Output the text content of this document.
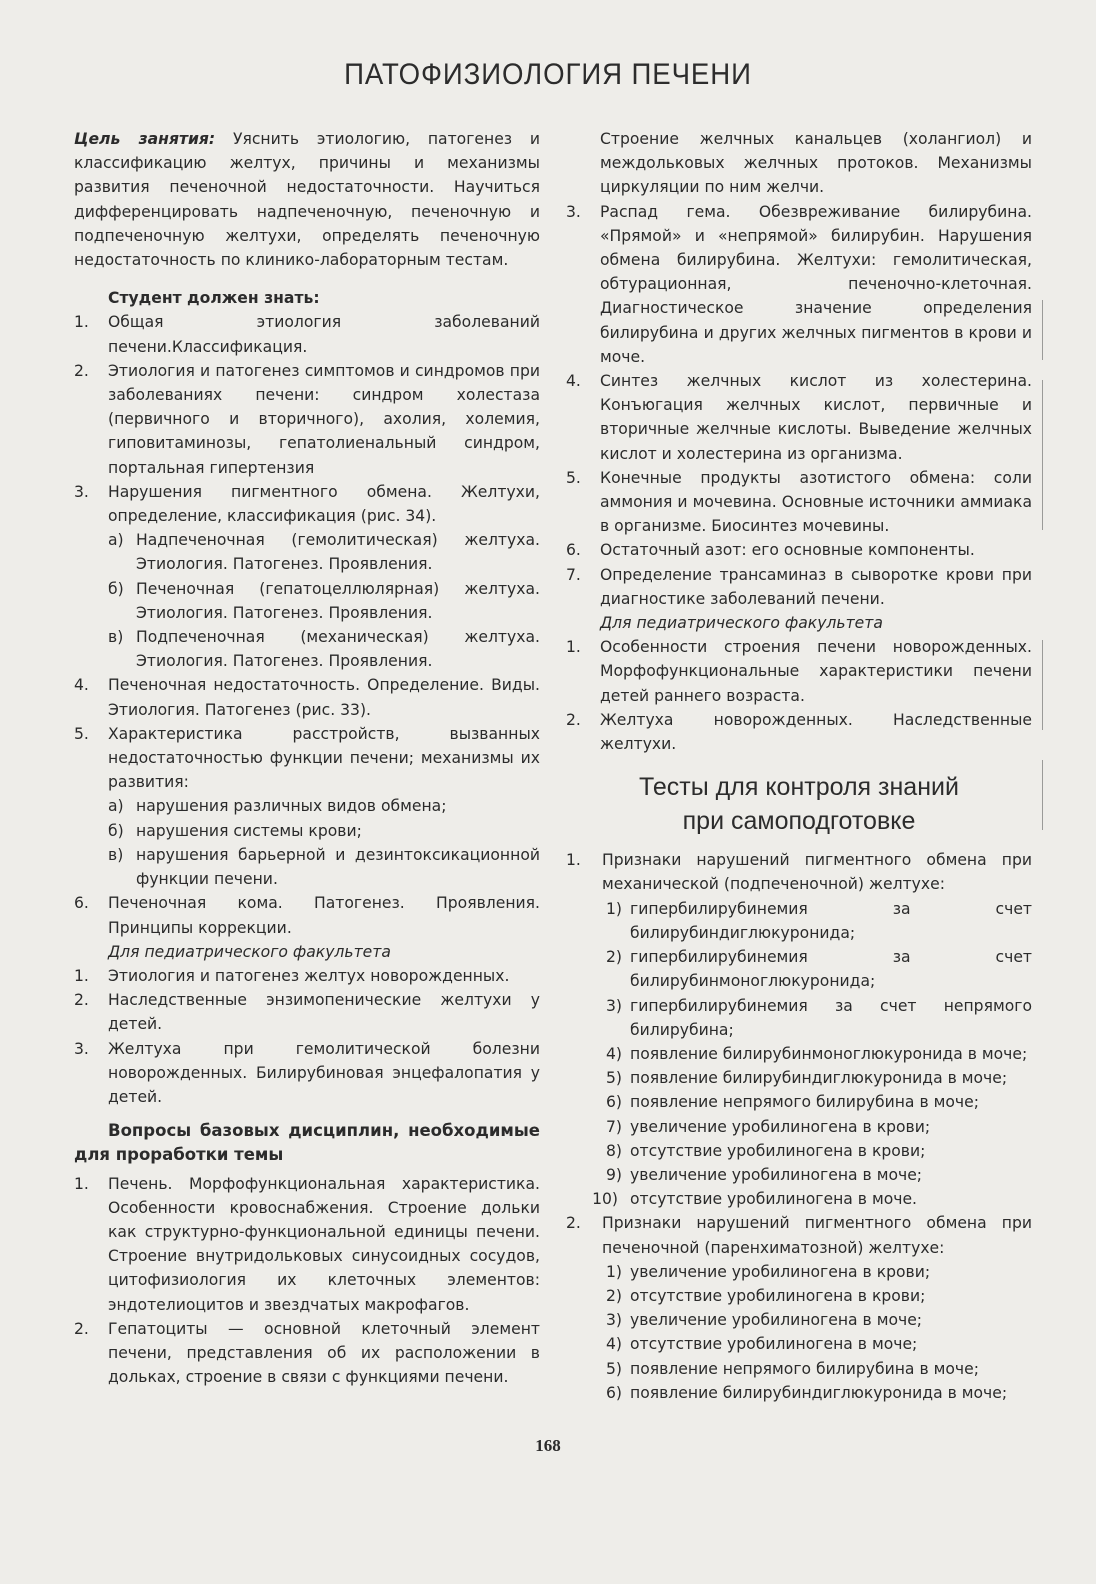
ПАТОФИЗИОЛОГИЯ ПЕЧЕНИ

Цель занятия: Уяснить этиологию, патогенез и классификацию желтух, причины и механизмы развития печеночной недостаточности. Научиться дифференцировать надпеченочную, печеночную и подпеченочную желтухи, определять печеночную недостаточность по клинико-лабораторным тестам.

Студент должен знать:
1. Общая этиология заболеваний печени.Классификация.
2. Этиология и патогенез симптомов и синдромов при заболеваниях печени: синдром холестаза (первичного и вторичного), ахолия, холемия, гиповитаминозы, гепатолиенальный синдром, портальная гипертензия
3. Нарушения пигментного обмена. Желтухи, определение, классификация (рис. 34).
а) Надпеченочная (гемолитическая) желтуха. Этиология. Патогенез. Проявления.
б) Печеночная (гепатоцеллюлярная) желтуха. Этиология. Патогенез. Проявления.
в) Подпеченочная (механическая) желтуха. Этиология. Патогенез. Проявления.
4. Печеночная недостаточность. Определение. Виды. Этиология. Патогенез (рис. 33).
5. Характеристика расстройств, вызванных недостаточностью функции печени; механизмы их развития:
а) нарушения различных видов обмена;
б) нарушения системы крови;
в) нарушения барьерной и дезинтоксикационной функции печени.
6. Печеночная кома. Патогенез. Проявления. Принципы коррекции.
Для педиатрического факультета
1. Этиология и патогенез желтух новорожденных.
2. Наследственные энзимопенические желтухи у детей.
3. Желтуха при гемолитической болезни новорожденных. Билирубиновая энцефалопатия у детей.
Вопросы базовых дисциплин, необходимые для проработки темы
1. Печень. Морфофункциональная характеристика. Особенности кровоснабжения. Строение дольки как структурно-функциональной единицы печени. Строение внутридольковых синусоидных сосудов, цитофизиология их клеточных элементов: эндотелиоцитов и звездчатых макрофагов.
2. Гепатоциты — основной клеточный элемент печени, представления об их расположении в дольках, строение в связи с функциями печени.
Строение желчных канальцев (холангиол) и междольковых желчных протоков. Механизмы циркуляции по ним желчи.
3. Распад гема. Обезвреживание билирубина. «Прямой» и «непрямой» билирубин. Нарушения обмена билирубина. Желтухи: гемолитическая, обтурационная, печеночно-клеточная. Диагностическое значение определения билирубина и других желчных пигментов в крови и моче.
4. Синтез желчных кислот из холестерина. Конъюгация желчных кислот, первичные и вторичные желчные кислоты. Выведение желчных кислот и холестерина из организма.
5. Конечные продукты азотистого обмена: соли аммония и мочевина. Основные источники аммиака в организме. Биосинтез мочевины.
6. Остаточный азот: его основные компоненты.
7. Определение трансаминаз в сыворотке крови при диагностике заболеваний печени.
Для педиатрического факультета
1. Особенности строения печени новорожденных. Морфофункциональные характеристики печени детей раннего возраста.
2. Желтуха новорожденных. Наследственные желтухи.
Тесты для контроля знаний
при самоподготовке
1. Признаки нарушений пигментного обмена при механической (подпеченочной) желтухе:
1) гипербилирубинемия за счет билирубиндиглюкуронида;
2) гипербилирубинемия за счет билирубинмоноглюкуронида;
3) гипербилирубинемия за счет непрямого билирубина;
4) появление билирубинмоноглюкуронида в моче;
5) появление билирубиндиглюкуронида в моче;
6) появление непрямого билирубина в моче;
7) увеличение уробилиногена в крови;
8) отсутствие уробилиногена в крови;
9) увеличение уробилиногена в моче;
10) отсутствие уробилиногена в моче.
2. Признаки нарушений пигментного обмена при печеночной (паренхиматозной) желтухе:
1) увеличение уробилиногена в крови;
2) отсутствие уробилиногена в крови;
3) увеличение уробилиногена в моче;
4) отсутствие уробилиногена в моче;
5) появление непрямого билирубина в моче;
6) появление билирубиндиглюкуронида в моче;
168
